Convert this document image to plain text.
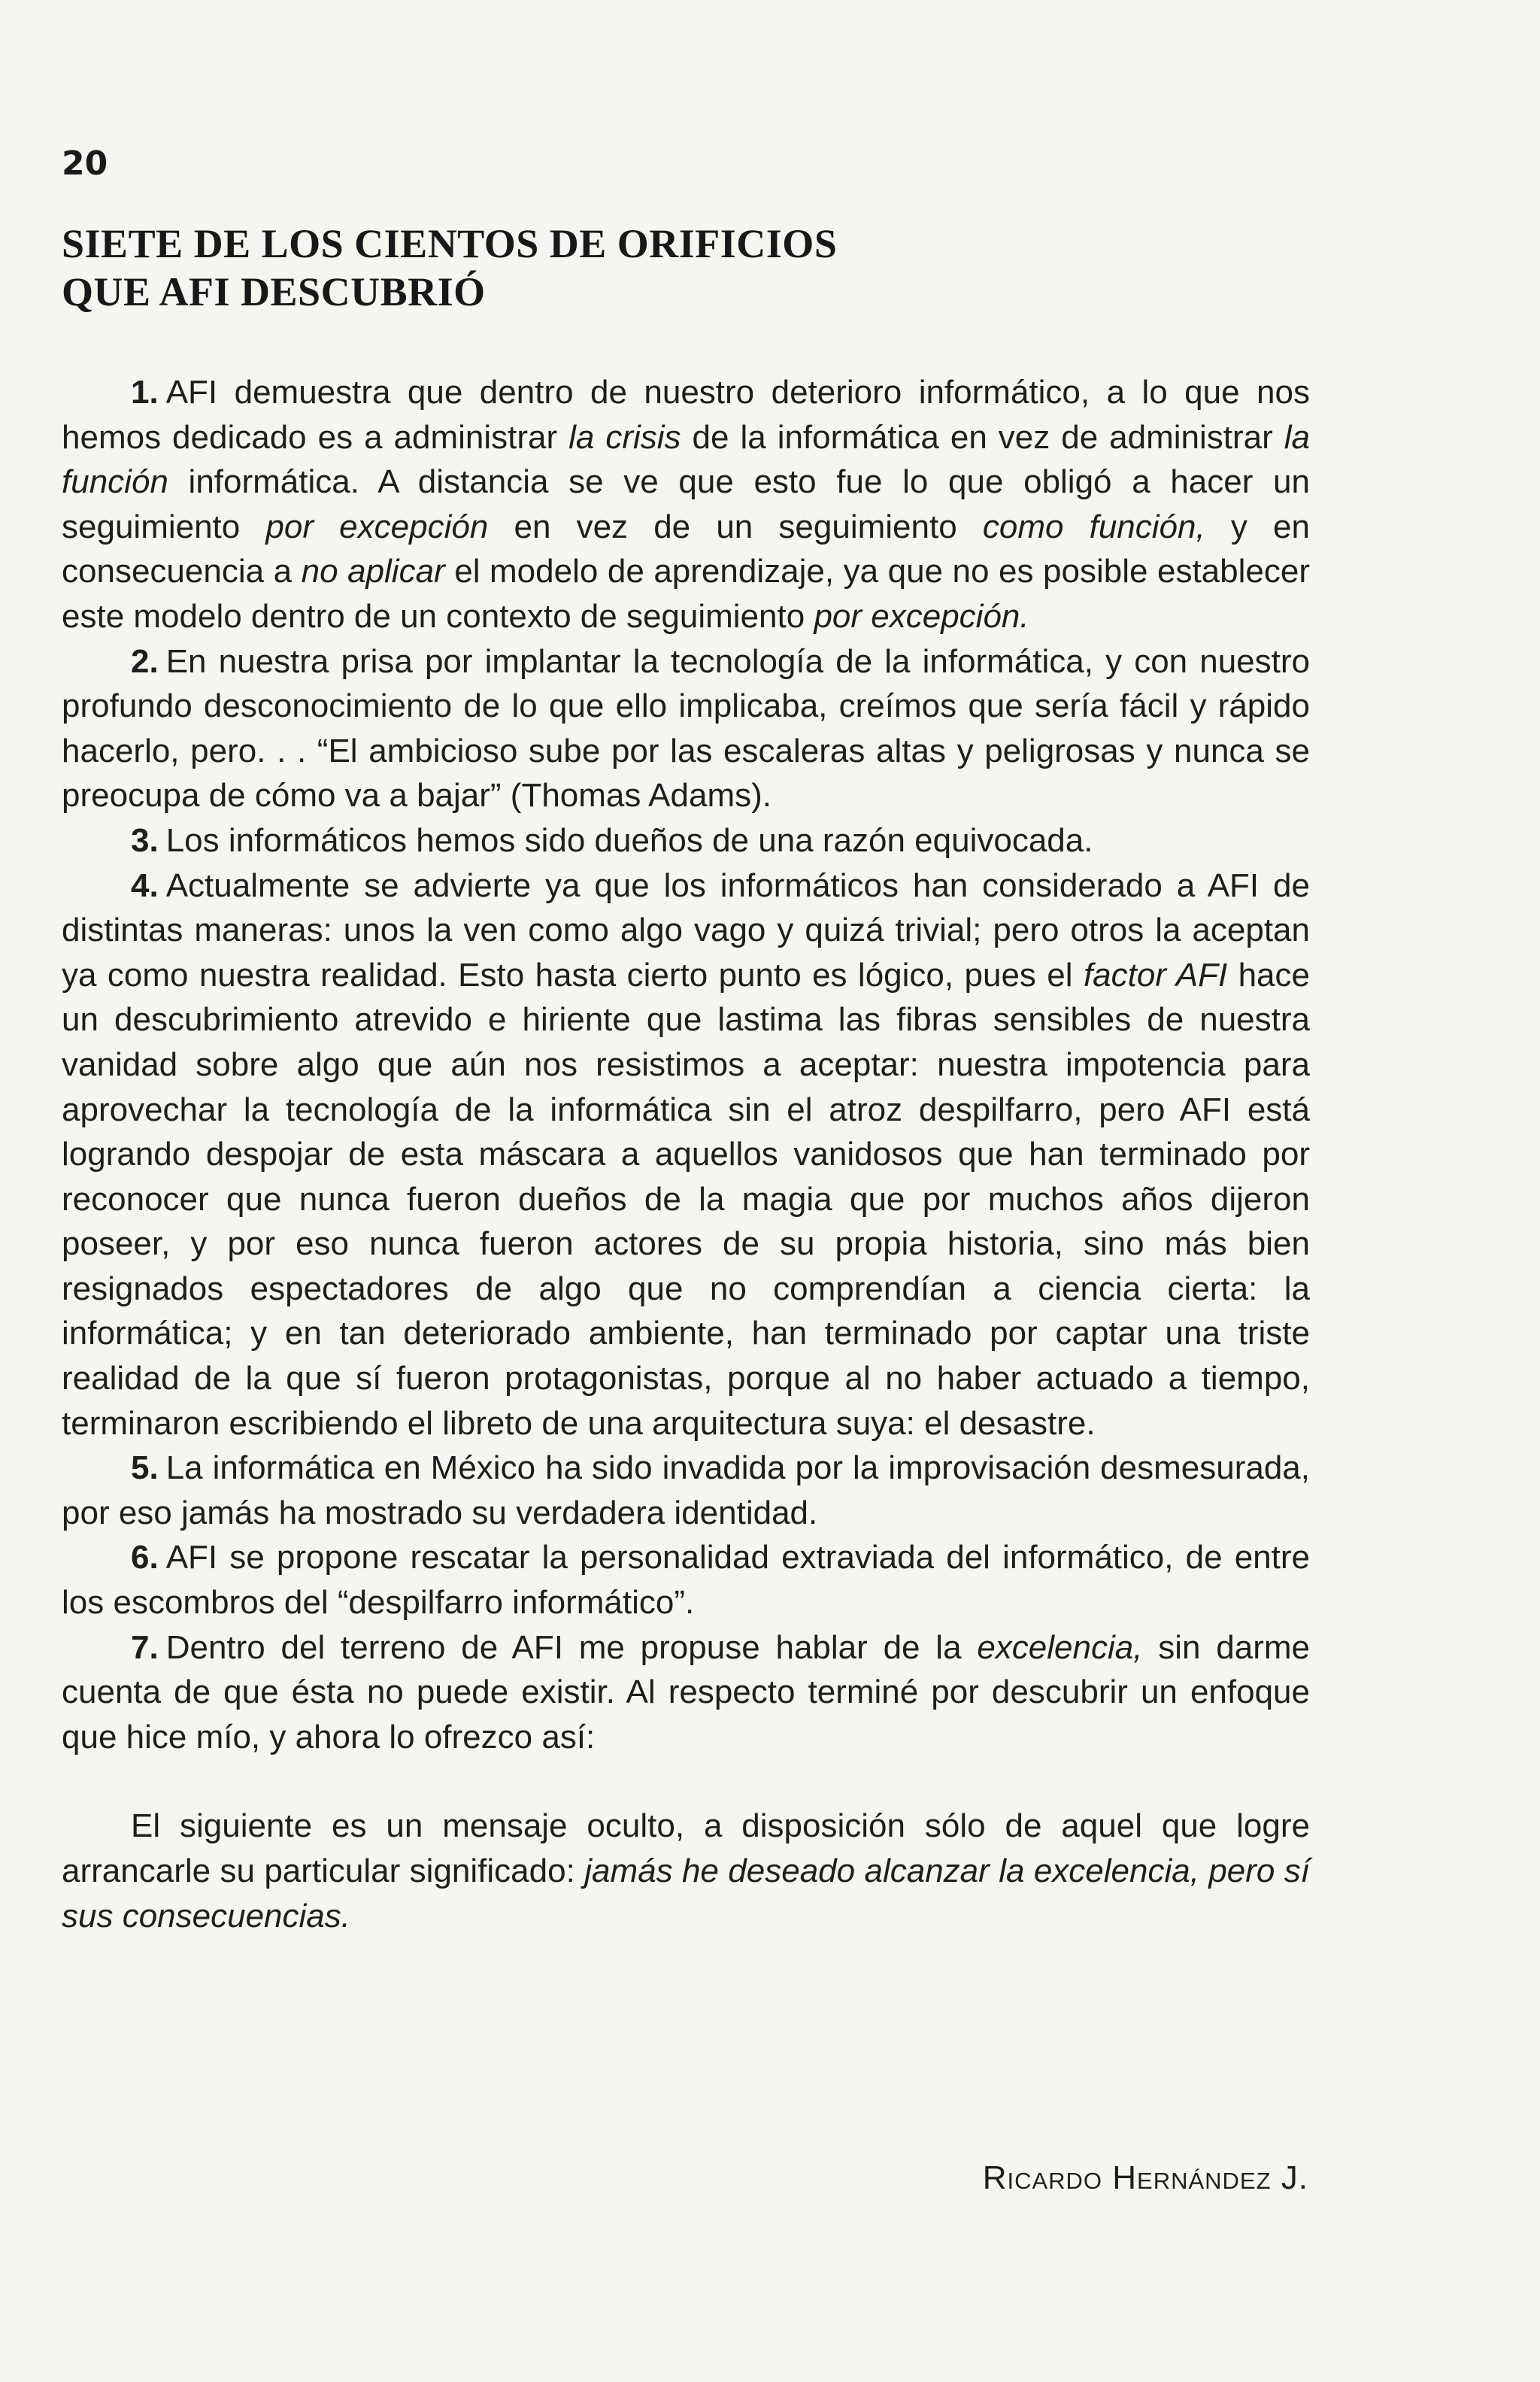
20
SIETE DE LOS CIENTOS DE ORIFICIOS
QUE AFI DESCUBRIÓ

1. AFI demuestra que dentro de nuestro deterioro informático, a lo que nos hemos dedicado es a administrar la crisis de la informática en vez de administrar la función informática. A distancia se ve que esto fue lo que obligó a hacer un seguimiento por excepción en vez de un seguimiento como función, y en consecuencia a no aplicar el modelo de aprendizaje, ya que no es posible establecer este modelo dentro de un contexto de seguimiento por excepción.

2. En nuestra prisa por implantar la tecnología de la informática, y con nuestro profundo desconocimiento de lo que ello implicaba, creímos que sería fácil y rápido hacerlo, pero. . . “El ambicioso sube por las escaleras altas y peligrosas y nunca se preocupa de cómo va a bajar” (Thomas Adams).

3. Los informáticos hemos sido dueños de una razón equivocada.

4. Actualmente se advierte ya que los informáticos han considerado a AFI de distintas maneras: unos la ven como algo vago y quizá trivial; pero otros la aceptan ya como nuestra realidad. Esto hasta cierto punto es lógico, pues el factor AFI hace un descubrimiento atrevido e hiriente que lastima las fibras sensibles de nuestra vanidad sobre algo que aún nos resistimos a aceptar: nuestra impotencia para aprovechar la tecnología de la informática sin el atroz despilfarro, pero AFI está logrando despojar de esta máscara a aquellos vanidosos que han terminado por reconocer que nunca fueron dueños de la magia que por muchos años dijeron poseer, y por eso nunca fueron actores de su propia historia, sino más bien resignados espectadores de algo que no comprendían a ciencia cierta: la informática; y en tan deteriorado ambiente, han terminado por captar una triste realidad de la que sí fueron protagonistas, porque al no haber actuado a tiempo, terminaron escribiendo el libreto de una arquitectura suya: el desastre.

5. La informática en México ha sido invadida por la improvisación desmesurada, por eso jamás ha mostrado su verdadera identidad.

6. AFI se propone rescatar la personalidad extraviada del informático, de entre los escombros del “despilfarro informático”.

7. Dentro del terreno de AFI me propuse hablar de la excelencia, sin darme cuenta de que ésta no puede existir. Al respecto terminé por descubrir un enfoque que hice mío, y ahora lo ofrezco así:

El siguiente es un mensaje oculto, a disposición sólo de aquel que logre arrancarle su particular significado: jamás he deseado alcanzar la excelencia, pero sí sus consecuencias.

Ricardo Hernández J.
